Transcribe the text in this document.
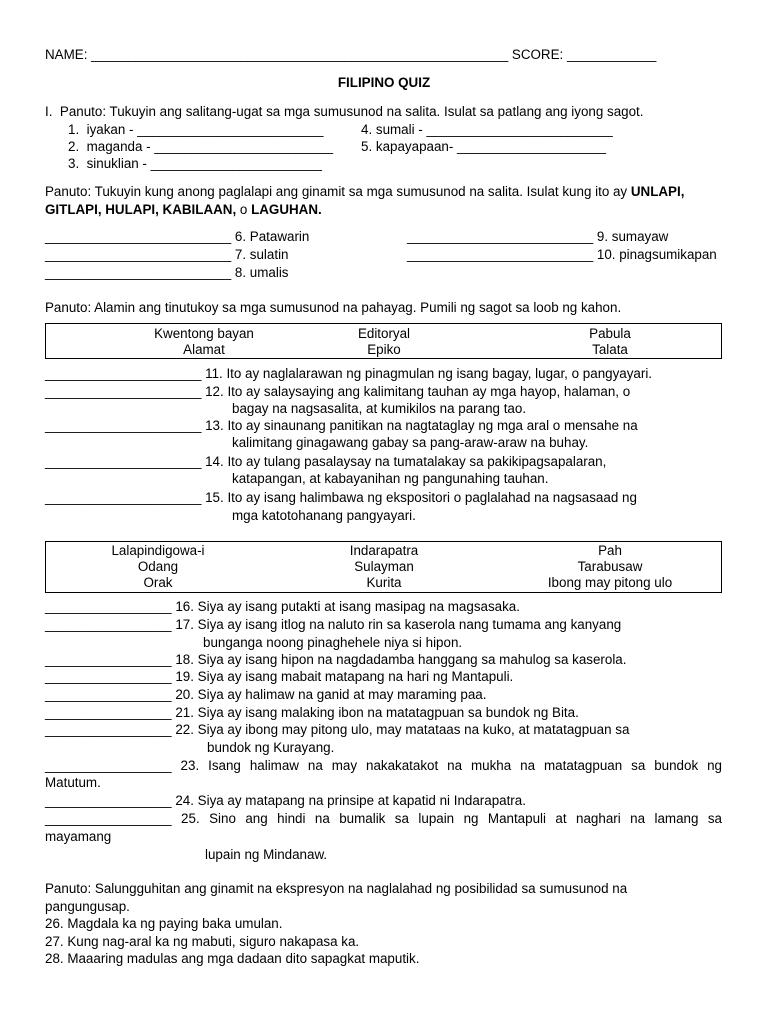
NAME: ________________________________________________________ SCORE: ____________
FILIPINO QUIZ
I.  Panuto: Tukuyin ang salitang-ugat sa mga sumusunod na salita. Isulat sa patlang ang iyong sagot.
1.  iyakan - _________________________
2.  maganda - ________________________
3.  sinuklian - _______________________
4. sumali - _________________________
5. kapayapaan- ____________________
Panuto: Tukuyin kung anong paglalapi ang ginamit sa mga sumusunod na salita. Isulat kung ito ay UNLAPI,
GITLAPI, HULAPI, KABILAAN, o LAGUHAN.
_________________________ 6. Patawarin
_________________________ 7. sulatin
_________________________ 8. umalis
_________________________ 9. sumayaw
_________________________ 10. pinagsumikapan
Panuto: Alamin ang tinutukoy sa mga sumusunod na pahayag. Pumili ng sagot sa loob ng kahon.
Kwentong bayan	Editoryal	Pabula
Alamat	Epiko	Talata
_____________________ 11. Ito ay naglalarawan ng pinagmulan ng isang bagay, lugar, o pangyayari.
_____________________ 12. Ito ay salaysaying ang kalimitang tauhan ay mga hayop, halaman, o
bagay na nagsasalita, at kumikilos na parang tao.
_____________________ 13. Ito ay sinaunang panitikan na nagtataglay ng mga aral o mensahe na
kalimitang ginagawang gabay sa pang-araw-araw na buhay.
_____________________ 14. Ito ay tulang pasalaysay na tumatalakay sa pakikipagsapalaran,
katapangan, at kabayanihan ng pangunahing tauhan.
_____________________ 15. Ito ay isang halimbawa ng ekspositori o paglalahad na nagsasaad ng
mga katotohanang pangyayari.
Lalapindigowa-i	Indarapatra	Pah
Odang	Sulayman	Tarabusaw
Orak	Kurita	Ibong may pitong ulo
_________________ 16. Siya ay isang putakti at isang masipag na magsasaka.
_________________ 17. Siya ay isang itlog na naluto rin sa kaserola nang tumama ang kanyang
bunganga noong pinaghehele niya si hipon.
_________________ 18. Siya ay isang hipon na nagdadamba hanggang sa mahulog sa kaserola.
_________________ 19. Siya ay isang mabait matapang na hari ng Mantapuli.
_________________ 20. Siya ay halimaw na ganid at may maraming paa.
_________________ 21. Siya ay isang malaking ibon na matatagpuan sa bundok ng Bita.
_________________ 22. Siya ay ibong may pitong ulo, may matataas na kuko, at matatagpuan sa
bundok ng Kurayang.
_________________ 23. Isang halimaw na may nakakatakot na mukha na matatagpuan sa bundok ng
Matutum.
_________________ 24. Siya ay matapang na prinsipe at kapatid ni Indarapatra.
_________________ 25. Sino ang hindi na bumalik sa lupain ng Mantapuli at naghari na lamang sa
mayamang
lupain ng Mindanaw.
Panuto: Salungguhitan ang ginamit na ekspresyon na naglalahad ng posibilidad sa sumusunod na
pangungusap.
26. Magdala ka ng paying baka umulan.
27. Kung nag-aral ka ng mabuti, siguro nakapasa ka.
28. Maaaring madulas ang mga dadaan dito sapagkat maputik.
